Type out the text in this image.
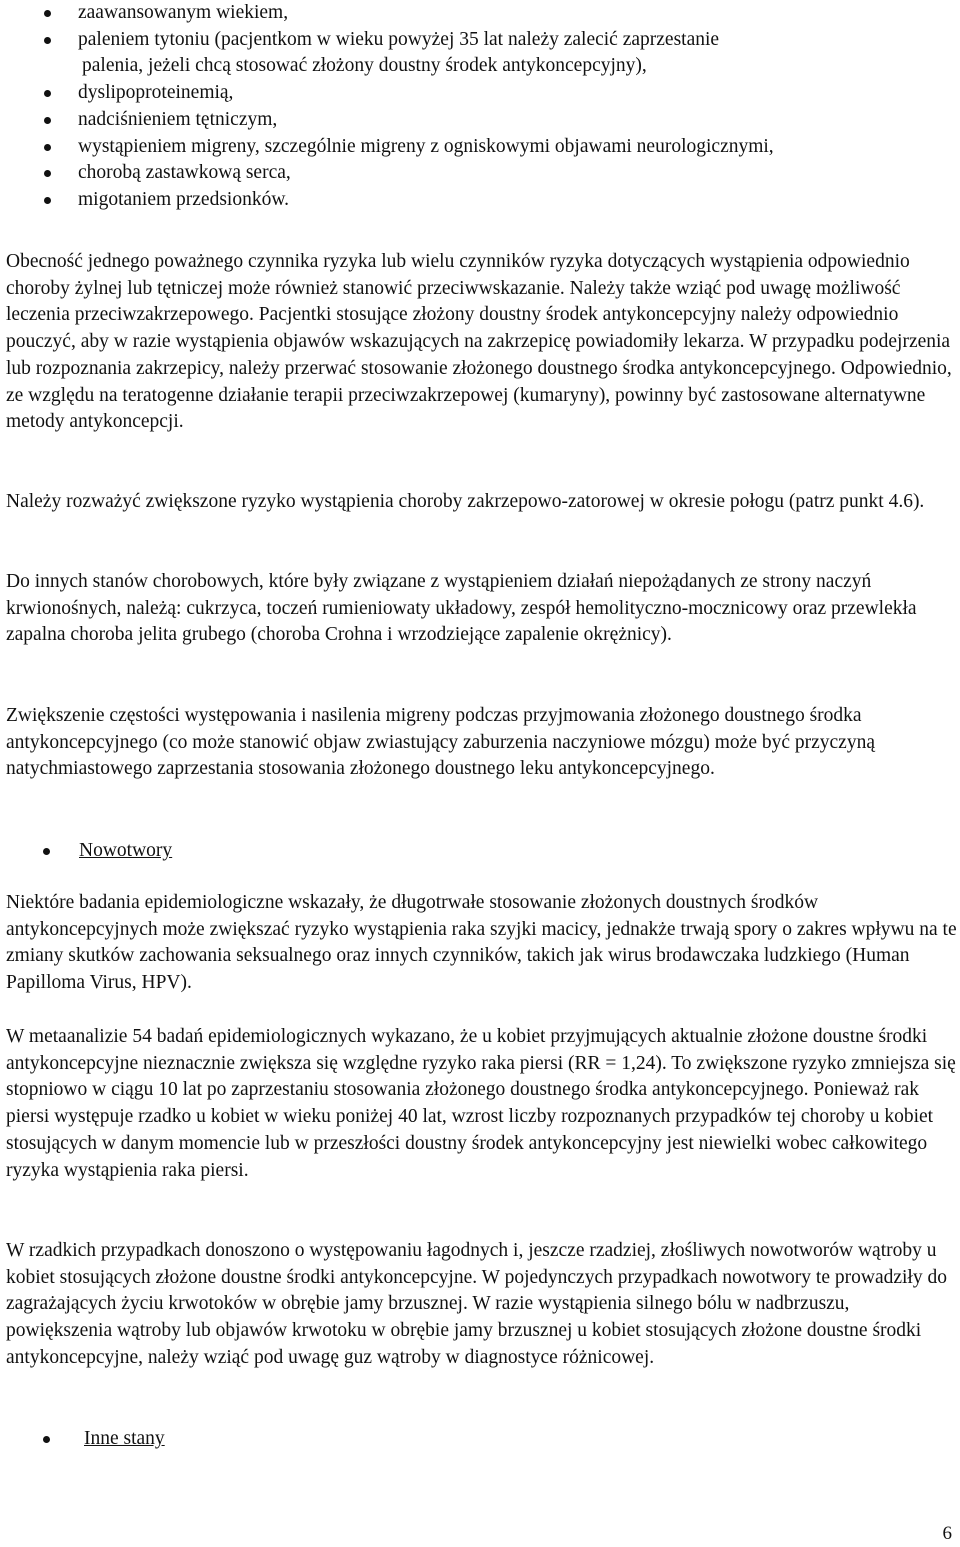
zaawansowanym wiekiem,
paleniem tytoniu (pacjentkom w wieku powyżej 35 lat należy zalecić zaprzestanie
palenia, jeżeli chcą stosować złożony doustny środek antykoncepcyjny),
dyslipoproteinemią,
nadciśnieniem tętniczym,
wystąpieniem migreny, szczególnie migreny z ogniskowymi objawami neurologicznymi,
chorobą zastawkową serca,
migotaniem przedsionków.

Obecność jednego poważnego czynnika ryzyka lub wielu czynników ryzyka dotyczących wystąpienia odpowiednio choroby żylnej lub tętniczej może również stanowić przeciwwskazanie. Należy także wziąć pod uwagę możliwość leczenia przeciwzakrzepowego. Pacjentki stosujące złożony doustny środek antykoncepcyjny należy odpowiednio pouczyć, aby w razie wystąpienia objawów wskazujących na zakrzepicę powiadomiły lekarza. W przypadku podejrzenia lub rozpoznania zakrzepicy, należy przerwać stosowanie złożonego doustnego środka antykoncepcyjnego. Odpowiednio, ze względu na teratogenne działanie terapii przeciwzakrzepowej (kumaryny), powinny być zastosowane alternatywne metody antykoncepcji.

Należy rozważyć zwiększone ryzyko wystąpienia choroby zakrzepowo-zatorowej w okresie połogu (patrz punkt 4.6).

Do innych stanów chorobowych, które były związane z wystąpieniem działań niepożądanych ze strony naczyń krwionośnych, należą: cukrzyca, toczeń rumieniowaty układowy, zespół hemolityczno-mocznicowy oraz przewlekła zapalna choroba jelita grubego (choroba Crohna i wrzodziejące zapalenie okrężnicy).

Zwiększenie częstości występowania i nasilenia migreny podczas przyjmowania złożonego doustnego środka antykoncepcyjnego (co może stanowić objaw zwiastujący zaburzenia naczyniowe mózgu) może być przyczyną natychmiastowego zaprzestania stosowania złożonego doustnego leku antykoncepcyjnego.

Nowotwory

Niektóre badania epidemiologiczne wskazały, że długotrwałe stosowanie złożonych doustnych środków antykoncepcyjnych może zwiększać ryzyko wystąpienia raka szyjki macicy, jednakże trwają spory o zakres wpływu na te zmiany skutków zachowania seksualnego oraz innych czynników, takich jak wirus brodawczaka ludzkiego (Human Papilloma Virus, HPV).

W metaanalizie 54 badań epidemiologicznych wykazano, że u kobiet przyjmujących aktualnie złożone doustne środki antykoncepcyjne nieznacznie zwiększa się względne ryzyko raka piersi (RR = 1,24). To zwiększone ryzyko zmniejsza się stopniowo w ciągu 10 lat po zaprzestaniu stosowania złożonego doustnego środka antykoncepcyjnego. Ponieważ rak piersi występuje rzadko u kobiet w wieku poniżej 40 lat, wzrost liczby rozpoznanych przypadków tej choroby u kobiet stosujących w danym momencie lub w przeszłości doustny środek antykoncepcyjny jest niewielki wobec całkowitego ryzyka wystąpienia raka piersi.

W rzadkich przypadkach donoszono o występowaniu łagodnych i, jeszcze rzadziej, złośliwych nowotworów wątroby u kobiet stosujących złożone doustne środki antykoncepcyjne. W pojedynczych przypadkach nowotwory te prowadziły do zagrażających życiu krwotoków w obrębie jamy brzusznej. W razie wystąpienia silnego bólu w nadbrzuszu, powiększenia wątroby lub objawów krwotoku w obrębie jamy brzusznej u kobiet stosujących złożone doustne środki antykoncepcyjne, należy wziąć pod uwagę guz wątroby w diagnostyce różnicowej.

Inne stany
6
